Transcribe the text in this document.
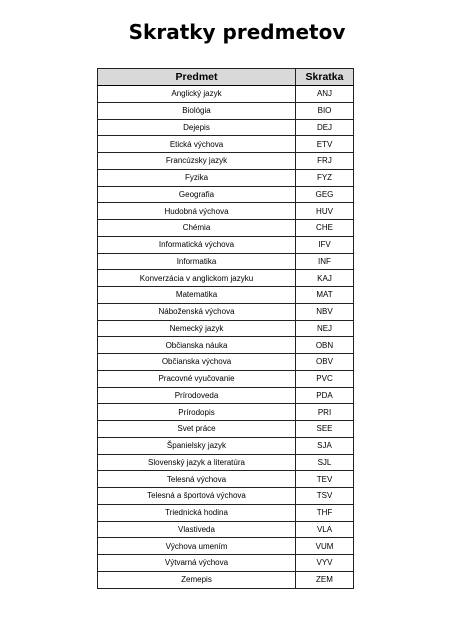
Skratky predmetov
Predmet	Skratka
Anglický jazyk	ANJ
Biológia	BIO
Dejepis	DEJ
Etická výchova	ETV
Francúzsky jazyk	FRJ
Fyzika	FYZ
Geografia	GEG
Hudobná výchova	HUV
Chémia	CHE
Informatická výchova	IFV
Informatika	INF
Konverzácia v anglickom jazyku	KAJ
Matematika	MAT
Náboženská výchova	NBV
Nemecký jazyk	NEJ
Občianska náuka	OBN
Občianska výchova	OBV
Pracovné vyučovanie	PVC
Prírodoveda	PDA
Prírodopis	PRI
Svet práce	SEE
Španielsky jazyk	SJA
Slovenský jazyk a literatúra	SJL
Telesná výchova	TEV
Telesná a športová výchova	TSV
Triednická hodina	THF
Vlastiveda	VLA
Výchova umením	VUM
Výtvarná výchova	VYV
Zemepis	ZEM
